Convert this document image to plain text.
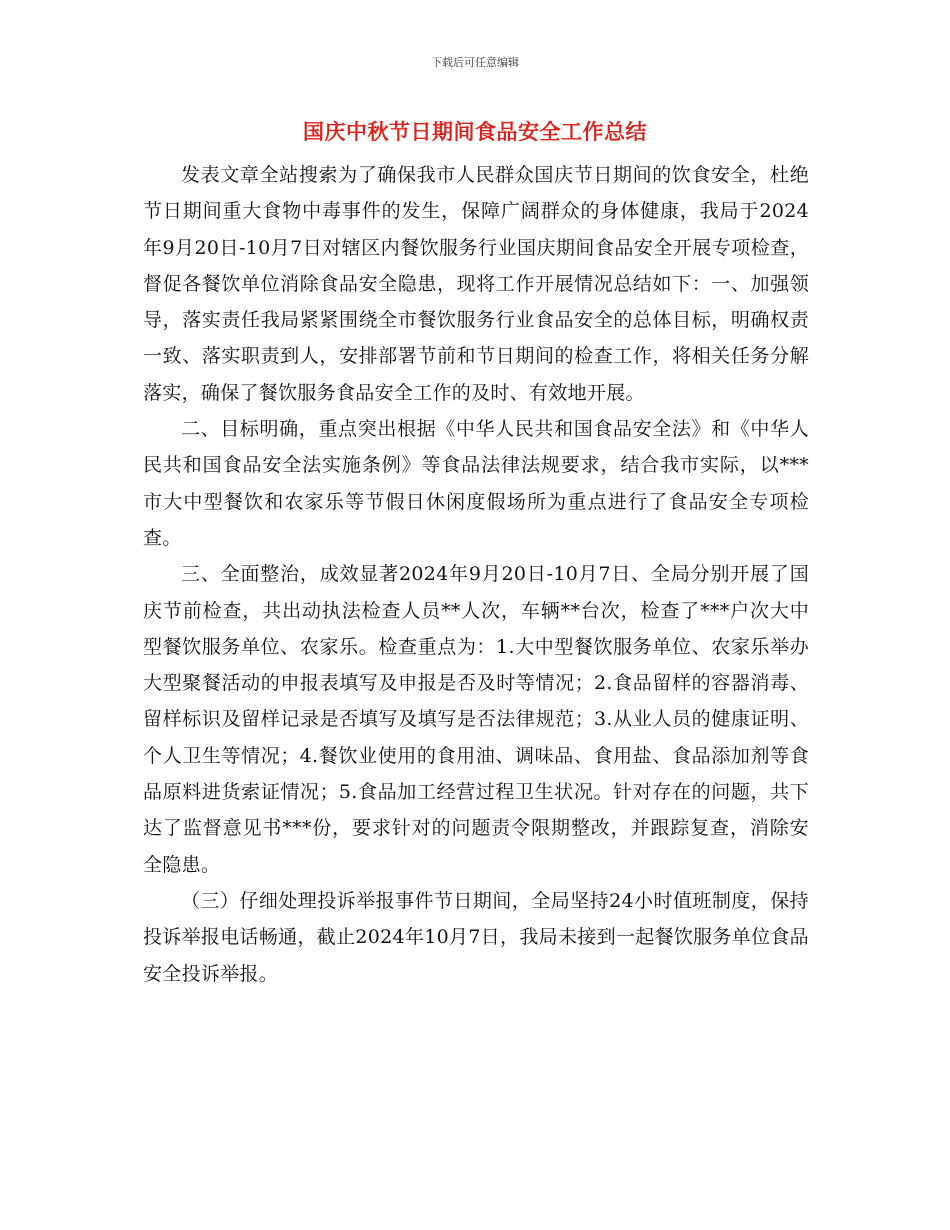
下载后可任意编辑
国庆中秋节日期间食品安全工作总结

发表文章全站搜索为了确保我市人民群众国庆节日期间的饮食安全，杜绝节日期间重大食物中毒事件的发生，保障广阔群众的身体健康，我局于2024年9月20日-10月7日对辖区内餐饮服务行业国庆期间食品安全开展专项检查，督促各餐饮单位消除食品安全隐患，现将工作开展情况总结如下：一、加强领导，落实责任我局紧紧围绕全市餐饮服务行业食品安全的总体目标，明确权责一致、落实职责到人，安排部署节前和节日期间的检查工作，将相关任务分解落实，确保了餐饮服务食品安全工作的及时、有效地开展。

二、目标明确，重点突出根据《中华人民共和国食品安全法》和《中华人民共和国食品安全法实施条例》等食品法律法规要求，结合我市实际，以***市大中型餐饮和农家乐等节假日休闲度假场所为重点进行了食品安全专项检查。

三、全面整治，成效显著2024年9月20日-10月7日、全局分别开展了国庆节前检查，共出动执法检查人员**人次，车辆**台次，检查了***户次大中型餐饮服务单位、农家乐。检查重点为：1.大中型餐饮服务单位、农家乐举办大型聚餐活动的申报表填写及申报是否及时等情况；2.食品留样的容器消毒、留样标识及留样记录是否填写及填写是否法律规范；3.从业人员的健康证明、个人卫生等情况；4.餐饮业使用的食用油、调味品、食用盐、食品添加剂等食品原料进货索证情况；5.食品加工经营过程卫生状况。针对存在的问题，共下达了监督意见书***份，要求针对的问题责令限期整改，并跟踪复查，消除安全隐患。

（三）仔细处理投诉举报事件节日期间，全局坚持24小时值班制度，保持投诉举报电话畅通，截止2024年10月7日，我局未接到一起餐饮服务单位食品安全投诉举报。
